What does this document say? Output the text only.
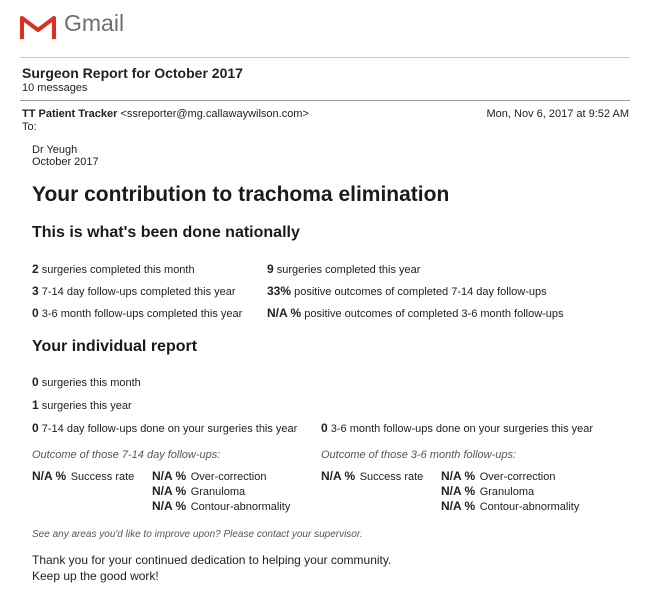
Gmail
Surgeon Report for October 2017
10 messages
TT Patient Tracker <ssreporter@mg.callawaywilson.com>
To:
Mon, Nov 6, 2017 at 9:52 AM
Dr Yeugh
October 2017
Your contribution to trachoma elimination
This is what's been done nationally
2 surgeries completed this month
3 7-14 day follow-ups completed this year
0 3-6 month follow-ups completed this year
9 surgeries completed this year
33% positive outcomes of completed 7-14 day follow-ups
N/A % positive outcomes of completed 3-6 month follow-ups
Your individual report
0 surgeries this month
1 surgeries this year
0 7-14 day follow-ups done on your surgeries this year 0 3-6 month follow-ups done on your surgeries this year
Outcome of those 7-14 day follow-ups:
N/A % Success rate N/A % Over-correction
N/A % Granuloma
N/A % Contour-abnormality
Outcome of those 3-6 month follow-ups:
N/A % Success rate N/A % Over-correction
N/A % Granuloma
N/A % Contour-abnormality
See any areas you'd like to improve upon? Please contact your supervisor.
Thank you for your continued dedication to helping your community.
Keep up the good work!
